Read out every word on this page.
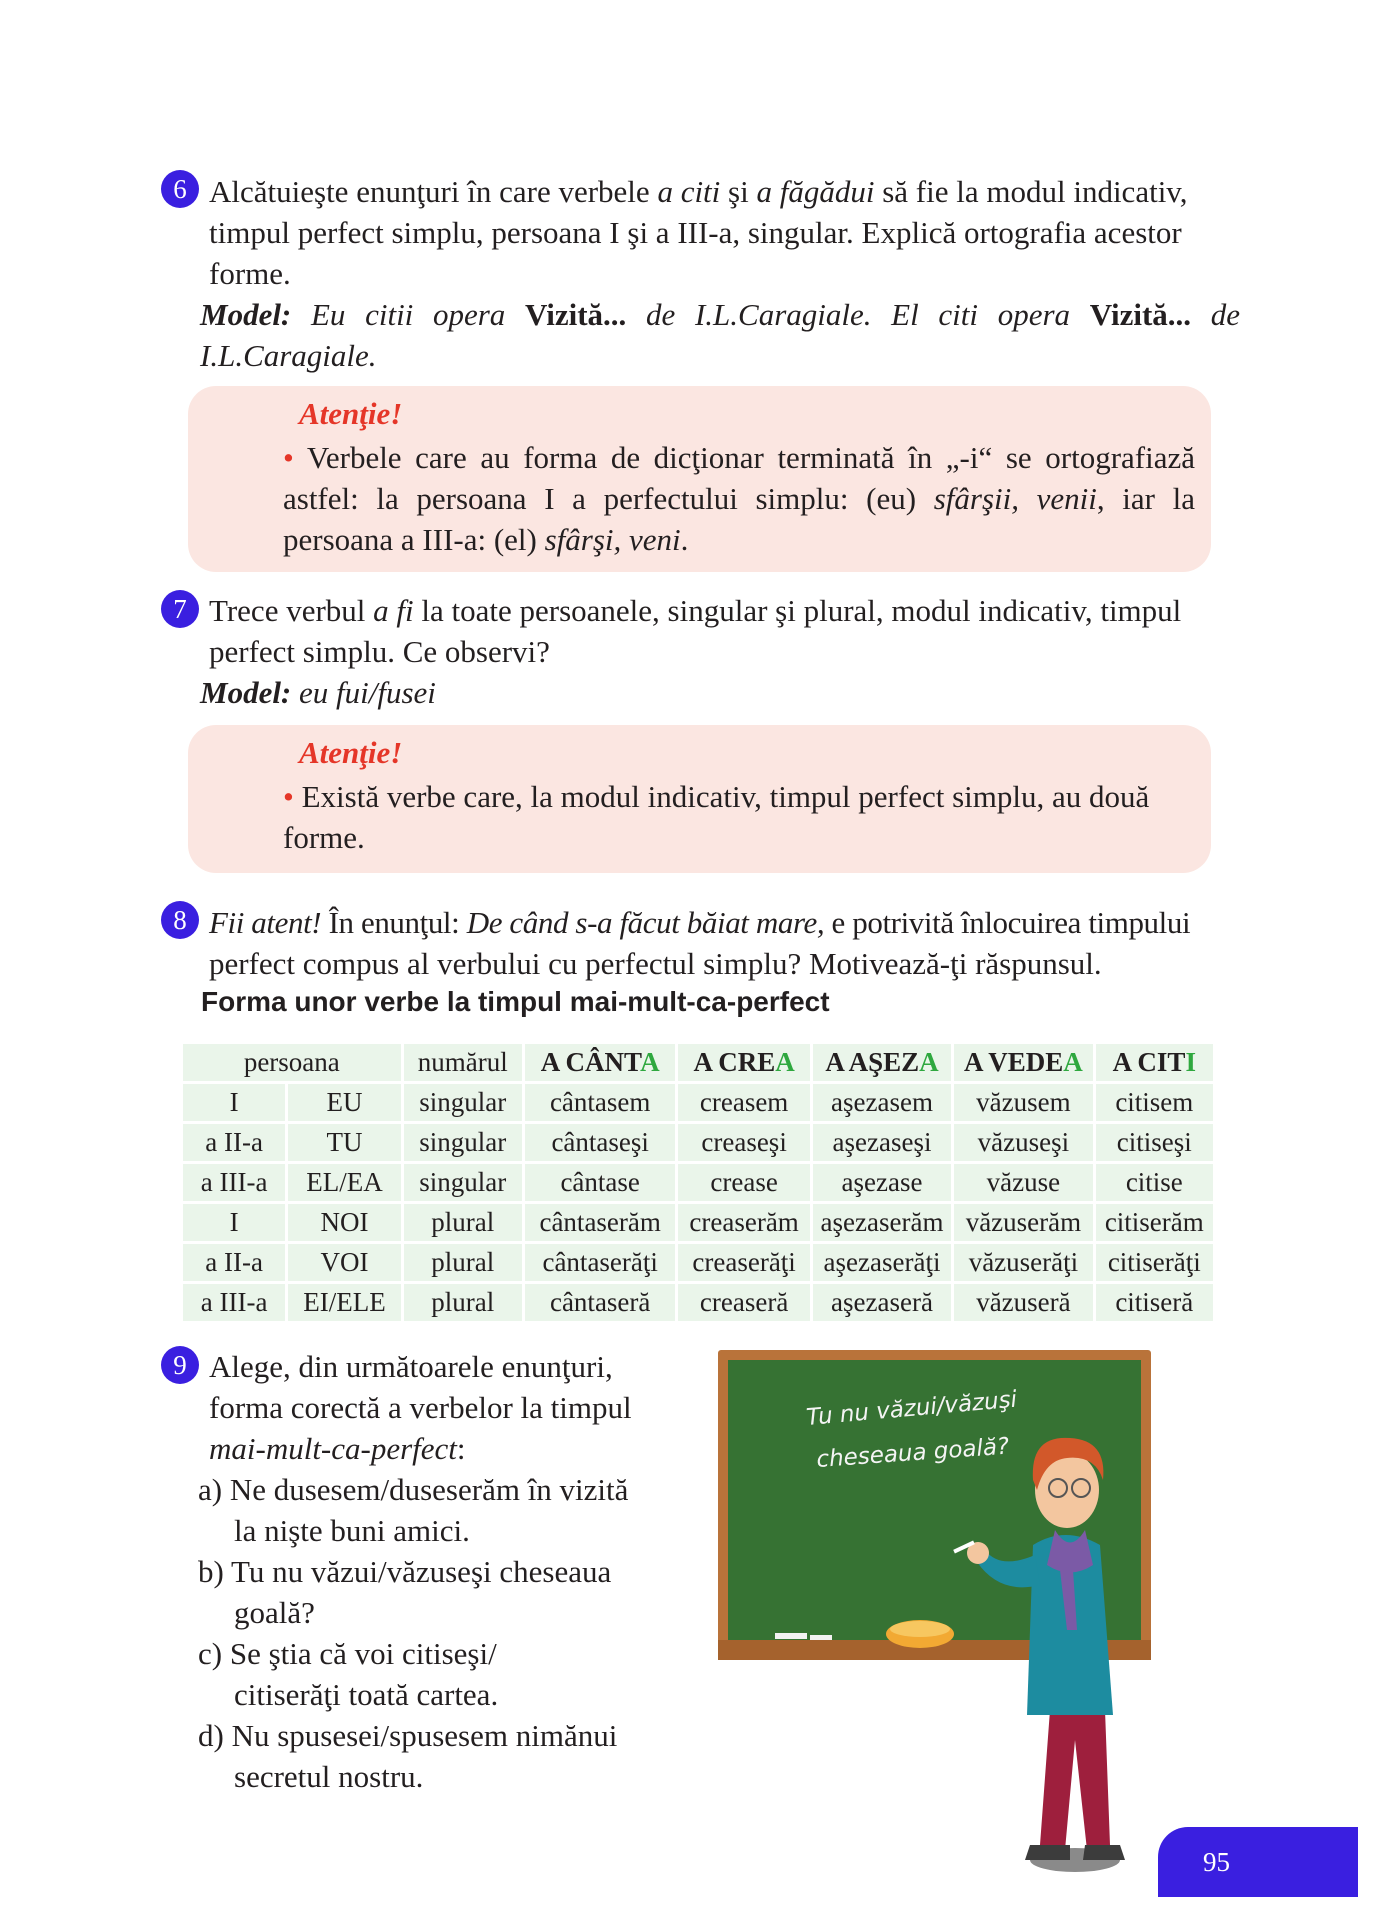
6 Alcătuieşte enunţuri în care verbele a citi şi a făgădui să fie la modul indicativ,
timpul perfect simplu, persoana I şi a III-a, singular. Explică ortografia acestor
forme.
Model: Eu citii opera Vizită... de I.L.Caragiale. El citi opera Vizită... de
I.L.Caragiale.
Atenţie!
• Verbele care au forma de dicţionar terminată în „-i“ se ortografiază
astfel: la persoana I a perfectului simplu: (eu) sfârşii, venii, iar la
persoana a III-a: (el) sfârşi, veni.
7 Trece verbul a fi la toate persoanele, singular şi plural, modul indicativ, timpul
perfect simplu. Ce observi?
Model: eu fui/fusei
Atenţie!
• Există verbe care, la modul indicativ, timpul perfect simplu, au două
forme.
8 Fii atent! În enunţul: De când s-a făcut băiat mare, e potrivită înlocuirea timpului
perfect compus al verbului cu perfectul simplu? Motivează-ţi răspunsul.
Forma unor verbe la timpul mai-mult-ca-perfect
persoana		numărul	A CÂNTA	A CREA	A AŞEZA	A VEDEA	A CITI
I	EU	singular	cântasem	creasem	aşezasem	văzusem	citisem
a II-a	TU	singular	cântaseşi	creaseşi	aşezaseşi	văzuseşi	citiseşi
a III-a	EL/EA	singular	cântase	crease	aşezase	văzuse	citise
I	NOI	plural	cântaserăm	creaserăm	aşezaserăm	văzuserăm	citiserăm
a II-a	VOI	plural	cântaserăţi	creaserăţi	aşezaserăţi	văzuserăţi	citiserăţi
a III-a	EI/ELE	plural	cântaseră	creaseră	aşezaseră	văzuseră	citiseră
9 Alege, din următoarele enunţuri,
forma corectă a verbelor la timpul
mai-mult-ca-perfect:
a) Ne dusesem/duseserăm în vizită
la nişte buni amici.
b) Tu nu văzui/văzuseşi cheseaua
goală?
c) Se ştia că voi citiseşi/
citiserăţi toată cartea.
d) Nu spusesei/spusesem nimănui
secretul nostru.
Tu nu văzui/văzuşi
cheseaua goală?
95
